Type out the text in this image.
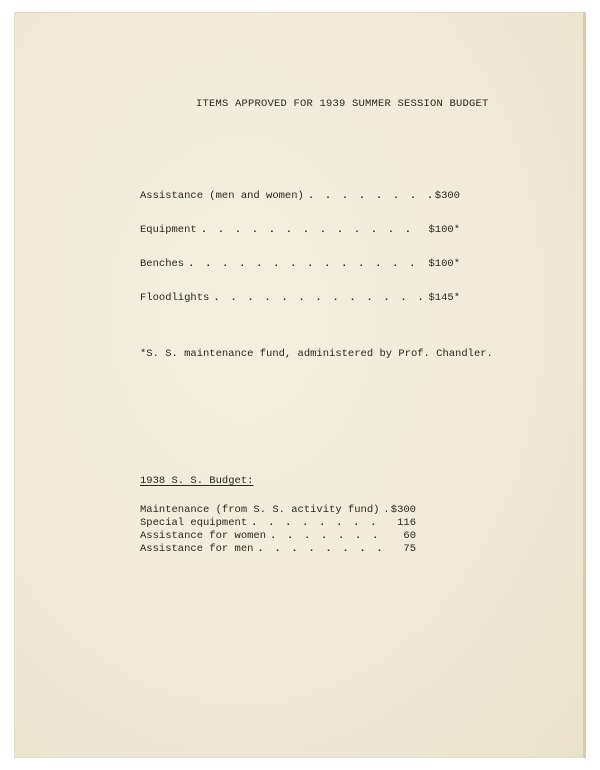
ITEMS APPROVED FOR 1939 SUMMER SESSION BUDGET
Assistance (men and women) . . .	$300
Equipment . . .	$100*
Benches . . .	$100*
Floodlights . . .	$145*
*S. S. maintenance fund, administered by Prof. Chandler.
1938 S. S. Budget:
Maintenance (from S. S. activity fund) . . . $300
Special equipment . . .	116
Assistance for women . . .	60
Assistance for men . . .	75
